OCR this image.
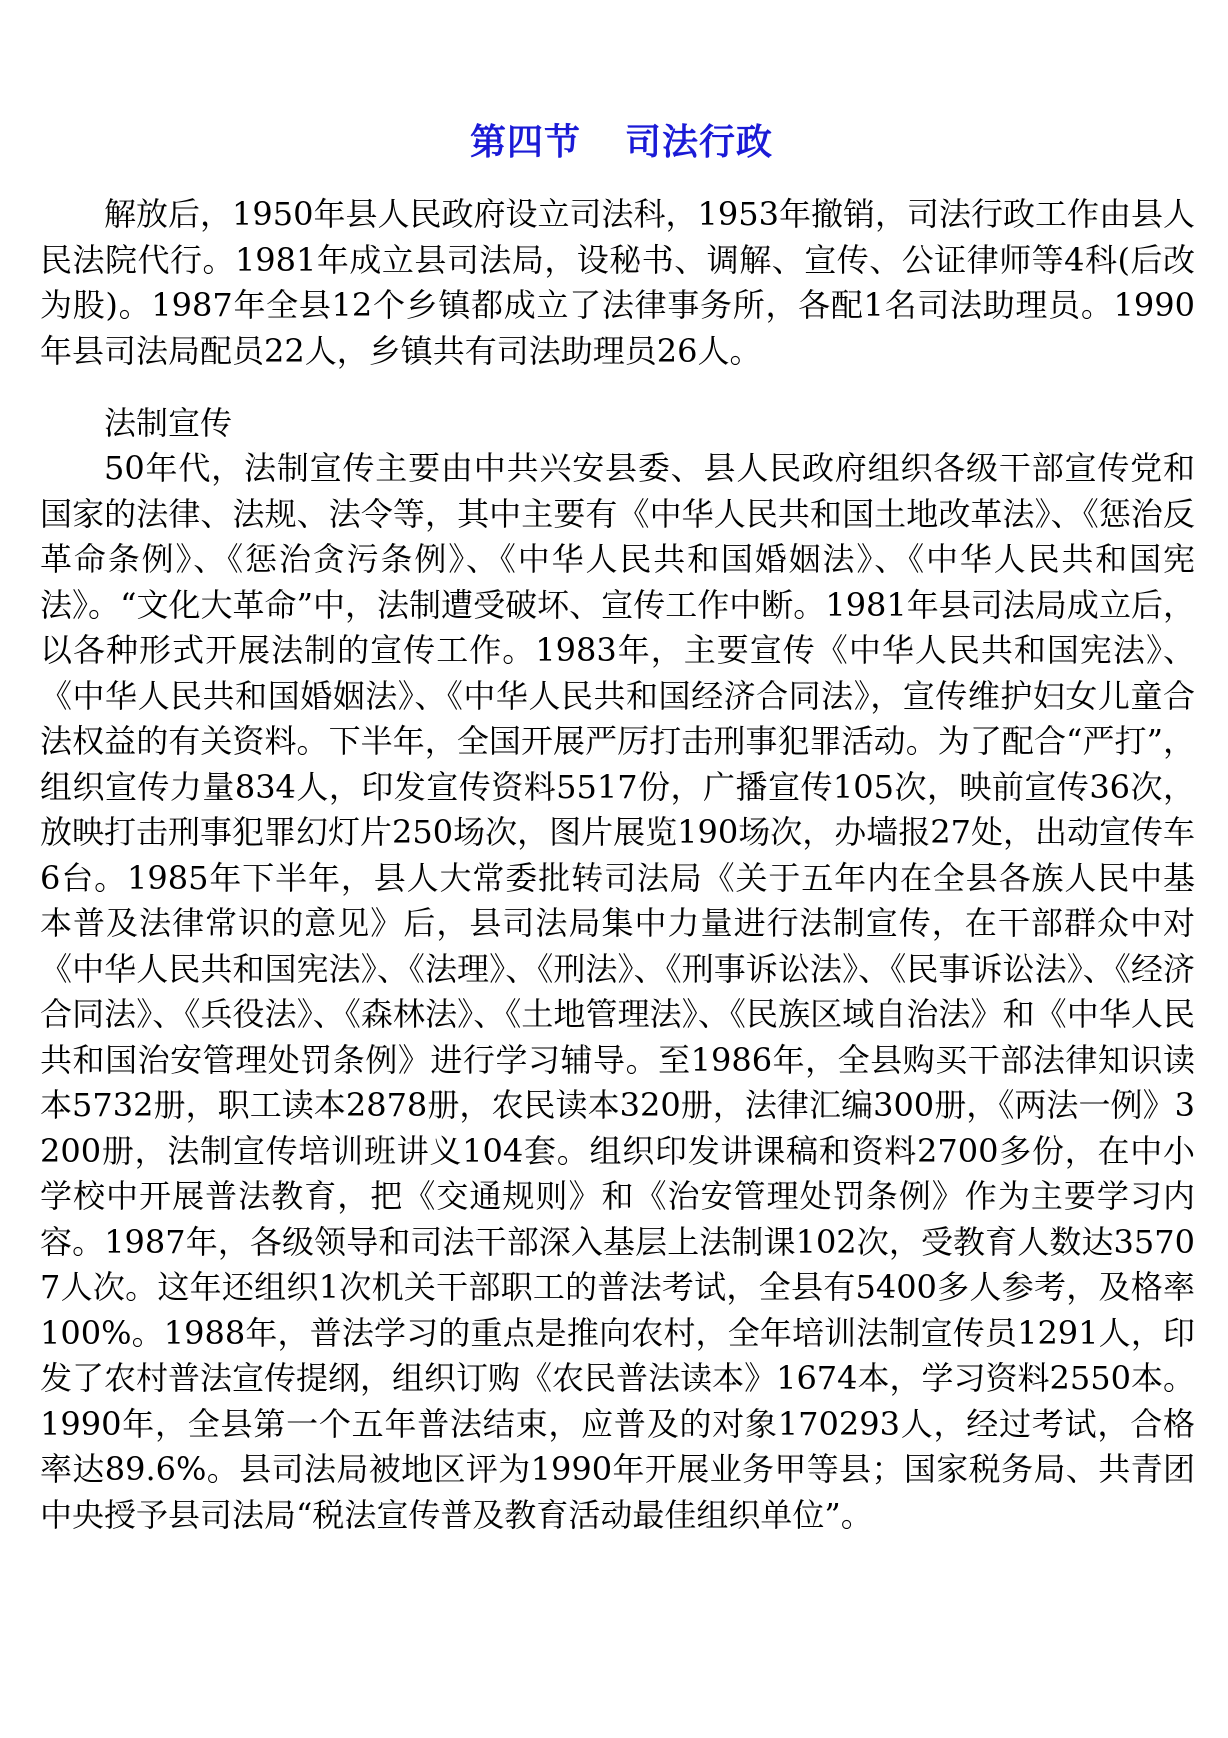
第四节 司法行政

解放后，1950年县人民政府设立司法科，1953年撤销，司法行政工作由县人民法院代行。1981年成立县司法局，设秘书、调解、宣传、公证律师等4科(后改为股)。1987年全县12个乡镇都成立了法律事务所，各配1名司法助理员。1990年县司法局配员22人，乡镇共有司法助理员26人。

法制宣传

50年代，法制宣传主要由中共兴安县委、县人民政府组织各级干部宣传党和国家的法律、法规、法令等，其中主要有《中华人民共和国土地改革法》、《惩治反革命条例》、《惩治贪污条例》、《中华人民共和国婚姻法》、《中华人民共和国宪法》。“文化大革命”中，法制遭受破坏、宣传工作中断。1981年县司法局成立后，以各种形式开展法制的宣传工作。1983年，主要宣传《中华人民共和国宪法》、《中华人民共和国婚姻法》、《中华人民共和国经济合同法》，宣传维护妇女儿童合法权益的有关资料。下半年，全国开展严厉打击刑事犯罪活动。为了配合“严打”，组织宣传力量834人，印发宣传资料5517份，广播宣传105次，映前宣传36次，放映打击刑事犯罪幻灯片250场次，图片展览190场次，办墙报27处，出动宣传车6台。1985年下半年，县人大常委批转司法局《关于五年内在全县各族人民中基本普及法律常识的意见》后，县司法局集中力量进行法制宣传，在干部群众中对《中华人民共和国宪法》、《法理》、《刑法》、《刑事诉讼法》、《民事诉讼法》、《经济合同法》、《兵役法》、《森林法》、《土地管理法》、《民族区域自治法》和《中华人民共和国治安管理处罚条例》进行学习辅导。至1986年，全县购买干部法律知识读本5732册，职工读本2878册，农民读本320册，法律汇编300册，《两法一例》3200册，法制宣传培训班讲义104套。组织印发讲课稿和资料2700多份，在中小学校中开展普法教育，把《交通规则》和《治安管理处罚条例》作为主要学习内容。1987年，各级领导和司法干部深入基层上法制课102次，受教育人数达35707人次。这年还组织1次机关干部职工的普法考试，全县有5400多人参考，及格率100%。1988年，普法学习的重点是推向农村，全年培训法制宣传员1291人，印发了农村普法宣传提纲，组织订购《农民普法读本》1674本，学习资料2550本。1990年，全县第一个五年普法结束，应普及的对象170293人，经过考试，合格率达89.6%。县司法局被地区评为1990年开展业务甲等县；国家税务局、共青团中央授予县司法局“税法宣传普及教育活动最佳组织单位”。
